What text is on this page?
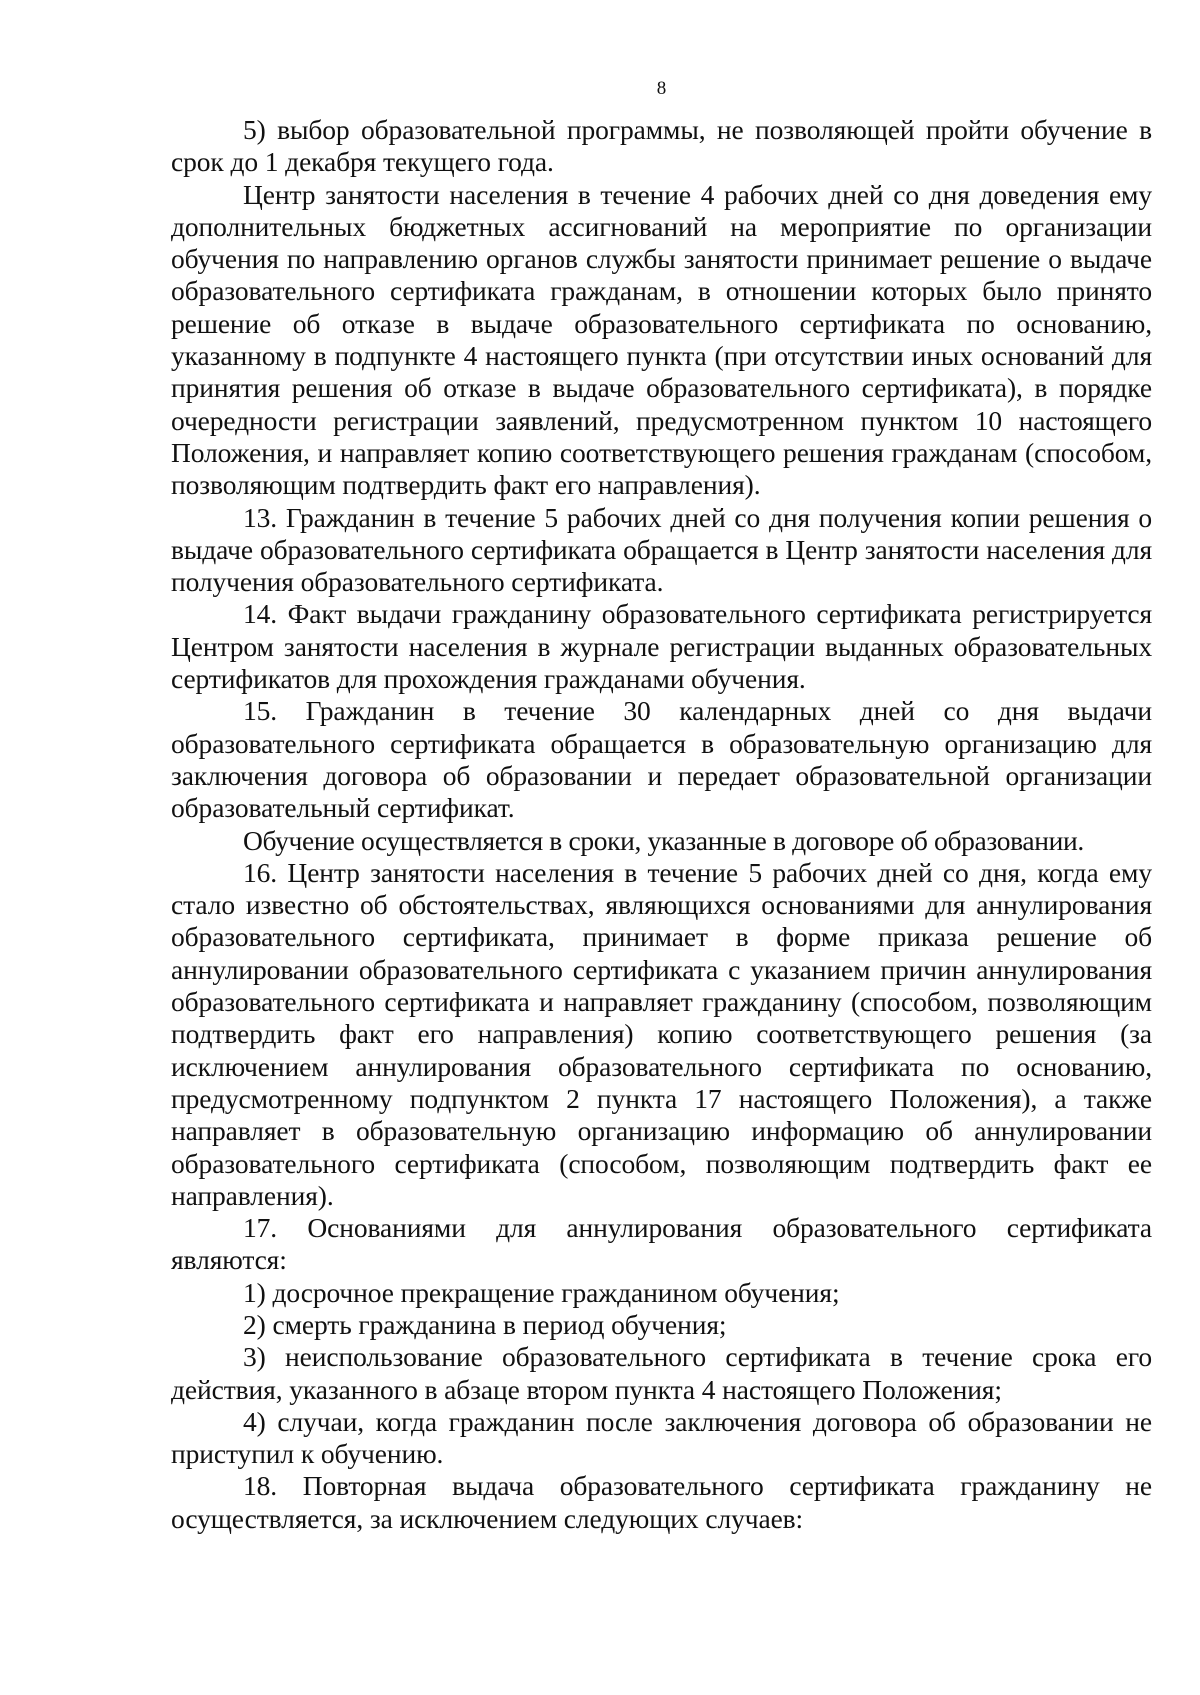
8

5) выбор образовательной программы, не позволяющей пройти обучение в срок до 1 декабря текущего года.

Центр занятости населения в течение 4 рабочих дней со дня доведения ему дополнительных бюджетных ассигнований на мероприятие по организации обучения по направлению органов службы занятости принимает решение о выдаче образовательного сертификата гражданам, в отношении которых было принято решение об отказе в выдаче образовательного сертификата по основанию, указанному в подпункте 4 настоящего пункта (при отсутствии иных оснований для принятия решения об отказе в выдаче образовательного сертификата), в порядке очередности регистрации заявлений, предусмотренном пунктом 10 настоящего Положения, и направляет копию соответствующего решения гражданам (способом, позволяющим подтвердить факт его направления).

13. Гражданин в течение 5 рабочих дней со дня получения копии решения о выдаче образовательного сертификата обращается в Центр занятости населения для получения образовательного сертификата.

14. Факт выдачи гражданину образовательного сертификата регистрируется Центром занятости населения в журнале регистрации выданных образовательных сертификатов для прохождения гражданами обучения.

15. Гражданин в течение 30 календарных дней со дня выдачи образовательного сертификата обращается в образовательную организацию для заключения договора об образовании и передает образовательной организации образовательный сертификат.

Обучение осуществляется в сроки, указанные в договоре об образовании.

16. Центр занятости населения в течение 5 рабочих дней со дня, когда ему стало известно об обстоятельствах, являющихся основаниями для аннулирования образовательного сертификата, принимает в форме приказа решение об аннулировании образовательного сертификата с указанием причин аннулирования образовательного сертификата и направляет гражданину (способом, позволяющим подтвердить факт его направления) копию соответствующего решения (за исключением аннулирования образовательного сертификата по основанию, предусмотренному подпунктом 2 пункта 17 настоящего Положения), а также направляет в образовательную организацию информацию об аннулировании образовательного сертификата (способом, позволяющим подтвердить факт ее направления).

17. Основаниями для аннулирования образовательного сертификата являются:

1) досрочное прекращение гражданином обучения;

2) смерть гражданина в период обучения;

3) неиспользование образовательного сертификата в течение срока его действия, указанного в абзаце втором пункта 4 настоящего Положения;

4) случаи, когда гражданин после заключения договора об образовании не приступил к обучению.

18. Повторная выдача образовательного сертификата гражданину не осуществляется, за исключением следующих случаев:
